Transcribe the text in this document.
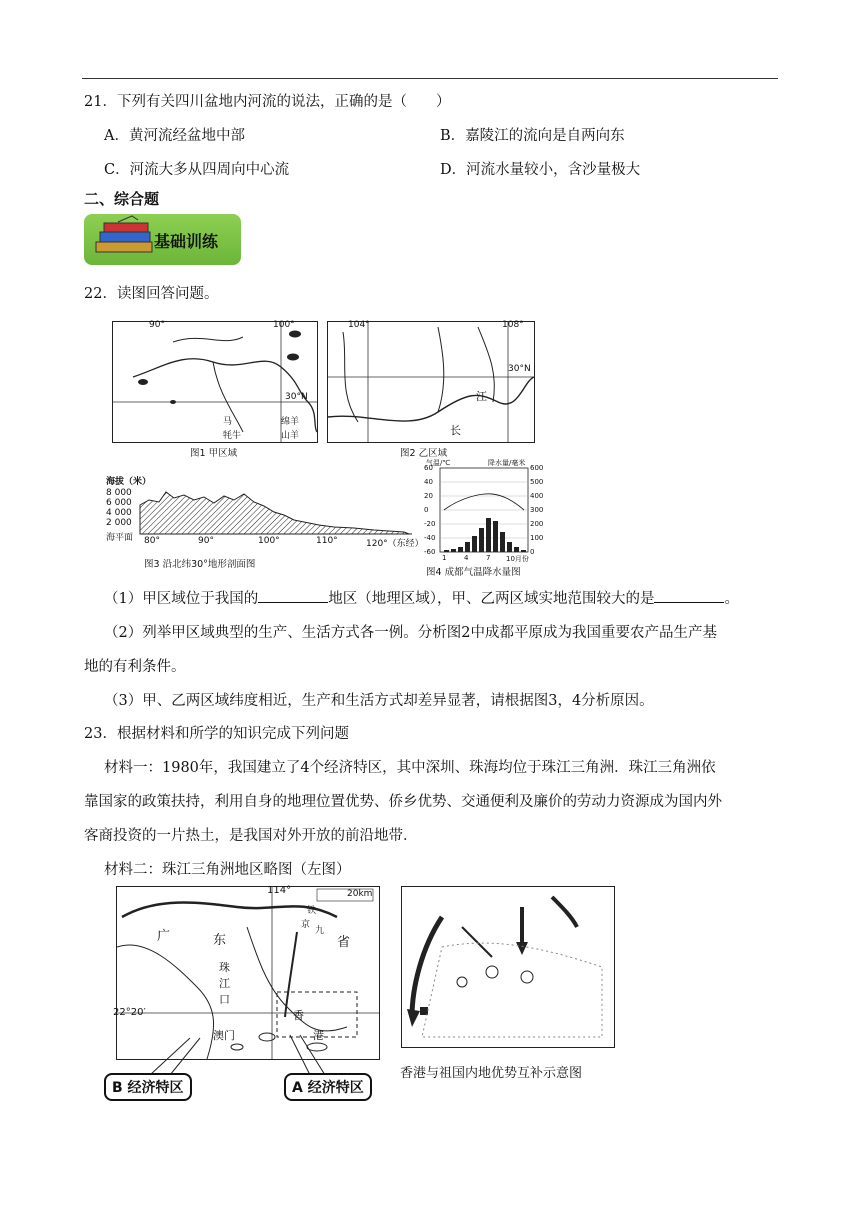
21．下列有关四川盆地内河流的说法，正确的是（　　）
A．黄河流经盆地中部	B．嘉陵江的流向是自两向东
C．河流大多从四周向中心流	D．河流水量较小，含沙量极大
二、综合题
基础训练
22．读图回答问题。
90°	100°
30°N
马
牦牛
绵羊
山羊
图1 甲区域
104°	108°
30°N
江
长
图2 乙区域
海拔（米）
8 000
6 000
4 000
2 000
海平面 80°	90°	100°	110°	120°（东经）
图3 沿北纬30°地形剖面图
气温/℃	降水量/毫米
60
40
20
0
-20
-40
-60
600
500
400
300
200
100
0
1	4	7 10月份
图4 成都气温降水量图
（1）甲区域位于我国的	地区（地理区域），甲、乙两区域实地范围较大的是	。
（2）列举甲区域典型的生产、生活方式各一例。分析图2中成都平原成为我国重要农产品生产基
地的有利条件。
（3）甲、乙两区域纬度相近，生产和生活方式却差异显著，请根据图3，4分析原因。
23．根据材料和所学的知识完成下列问题
材料一：1980年，我国建立了4个经济特区，其中深圳、珠海均位于珠江三角洲．珠江三角洲依
靠国家的政策扶持，利用自身的地理位置优势、侨乡优势、交通便利及廉价的劳动力资源成为国内外
客商投资的一片热土，是我国对外开放的前沿地带．
材料二：珠江三角洲地区略图（左图）
114°	20km
22°20′
广	东	省
珠
江
口
澳门
香
港
京
九
铁
B 经济特区	A 经济特区
香港与祖国内地优势互补示意图
